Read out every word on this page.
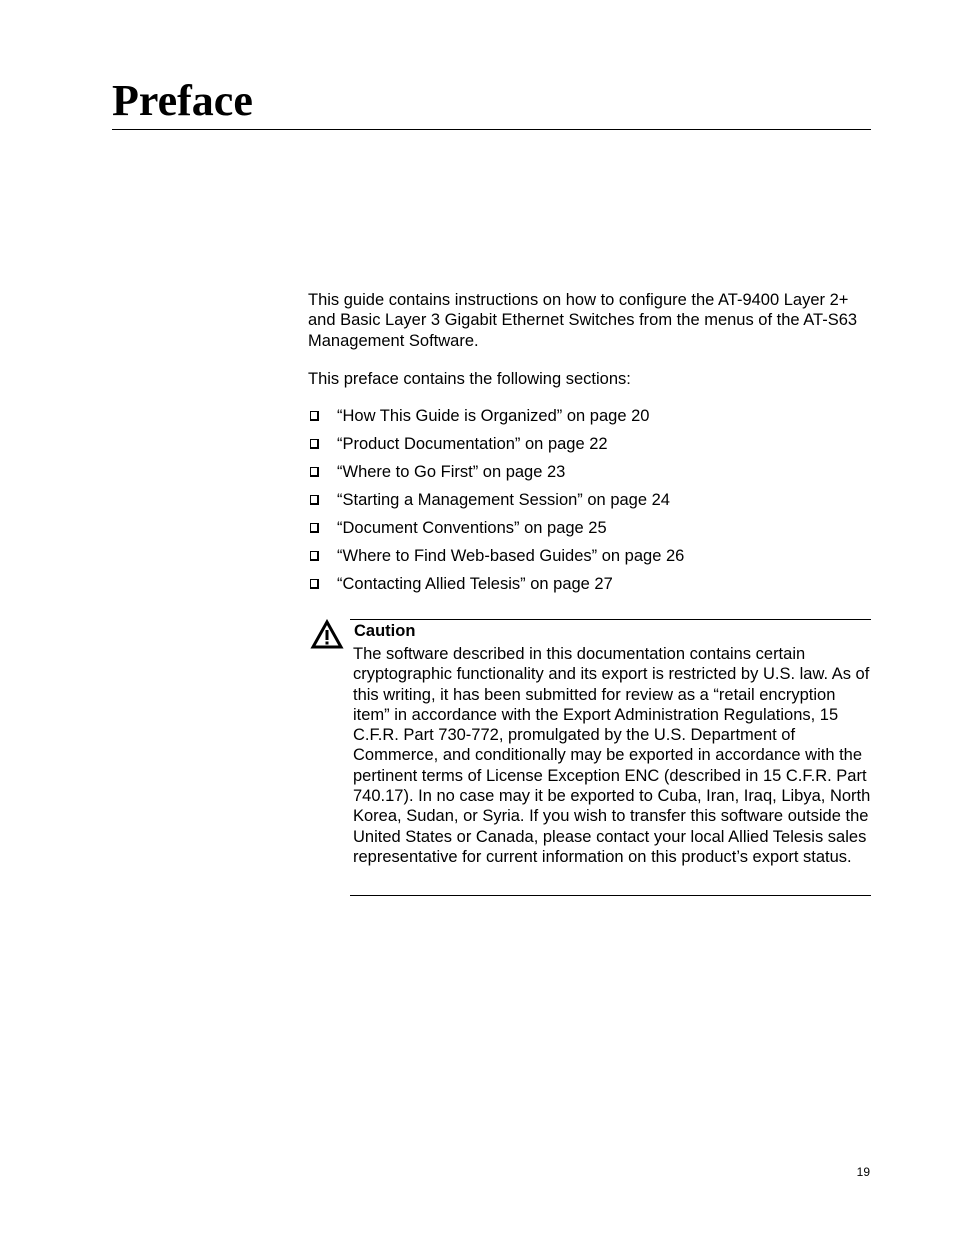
Preface

This guide contains instructions on how to configure the AT-9400 Layer 2+ and Basic Layer 3 Gigabit Ethernet Switches from the menus of the AT-S63 Management Software.

This preface contains the following sections:

“How This Guide is Organized” on page 20
“Product Documentation” on page 22
“Where to Go First” on page 23
“Starting a Management Session” on page 24
“Document Conventions” on page 25
“Where to Find Web-based Guides” on page 26
“Contacting Allied Telesis” on page 27

Caution

The software described in this documentation contains certain cryptographic functionality and its export is restricted by U.S. law. As of this writing, it has been submitted for review as a “retail encryption item” in accordance with the Export Administration Regulations, 15 C.F.R. Part 730-772, promulgated by the U.S. Department of Commerce, and conditionally may be exported in accordance with the pertinent terms of License Exception ENC (described in 15 C.F.R. Part 740.17). In no case may it be exported to Cuba, Iran, Iraq, Libya, North Korea, Sudan, or Syria. If you wish to transfer this software outside the United States or Canada, please contact your local Allied Telesis sales representative for current information on this product’s export status.

19
